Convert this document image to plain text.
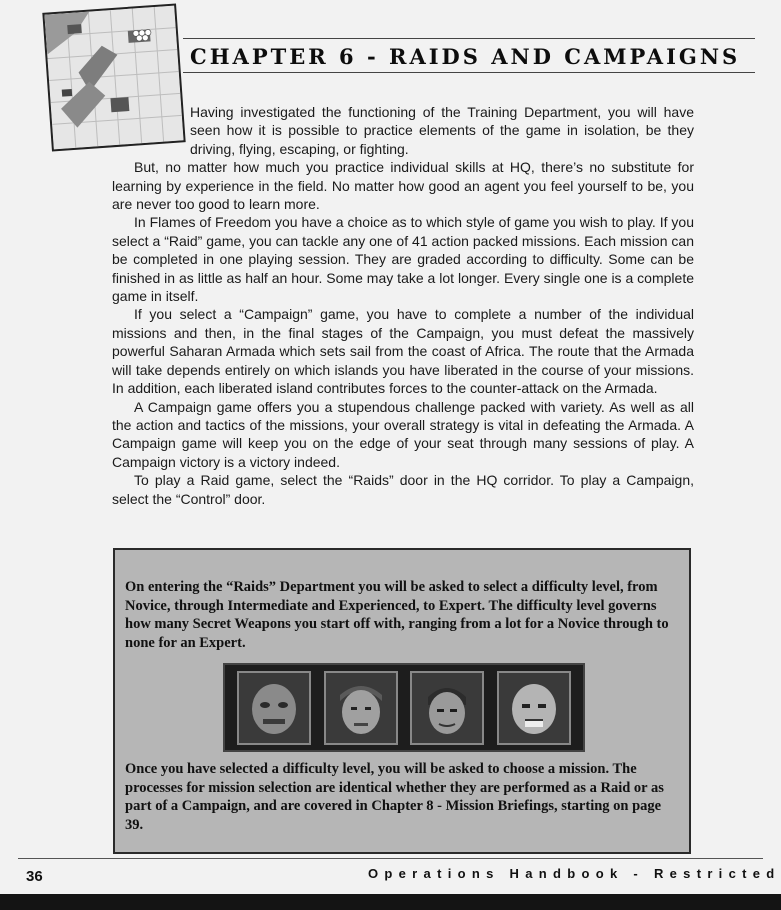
CHAPTER 6 - RAIDS AND CAMPAIGNS

Having investigated the functioning of the Training Department, you will have seen how it is possible to practice elements of the game in isolation, be they driving, flying, escaping, or fighting.

But, no matter how much you practice individual skills at HQ, there’s no substitute for learning by experience in the field. No matter how good an agent you feel yourself to be, you are never too good to learn more.

In Flames of Freedom you have a choice as to which style of game you wish to play. If you select a “Raid” game, you can tackle any one of 41 action packed missions. Each mission can be completed in one playing session. They are graded according to difficulty. Some can be finished in as little as half an hour. Some may take a lot longer. Every single one is a complete game in itself.

If you select a “Campaign” game, you have to complete a number of the individual missions and then, in the final stages of the Campaign, you must defeat the massively powerful Saharan Armada which sets sail from the coast of Africa. The route that the Armada will take depends entirely on which islands you have liberated in the course of your missions. In addition, each liberated island contributes forces to the counter-attack on the Armada.

A Campaign game offers you a stupendous challenge packed with variety. As well as all the action and tactics of the missions, your overall strategy is vital in defeating the Armada. A Campaign game will keep you on the edge of your seat through many sessions of play. A Campaign victory is a victory indeed.

To play a Raid game, select the “Raids” door in the HQ corridor. To play a Campaign, select the “Control” door.

On entering the “Raids” Department you will be asked to select a difficulty level, from Novice, through Intermediate and Experienced, to Expert. The difficulty level governs how many Secret Weapons you start off with, ranging from a lot for a Novice through to none for an Expert.
Once you have selected a difficulty level, you will be asked to choose a mission. The processes for mission selection are identical whether they are performed as a Raid or as part of a Campaign, and are covered in Chapter 8 - Mission Briefings, starting on page 39.
36	Operations Handbook - Restricted
